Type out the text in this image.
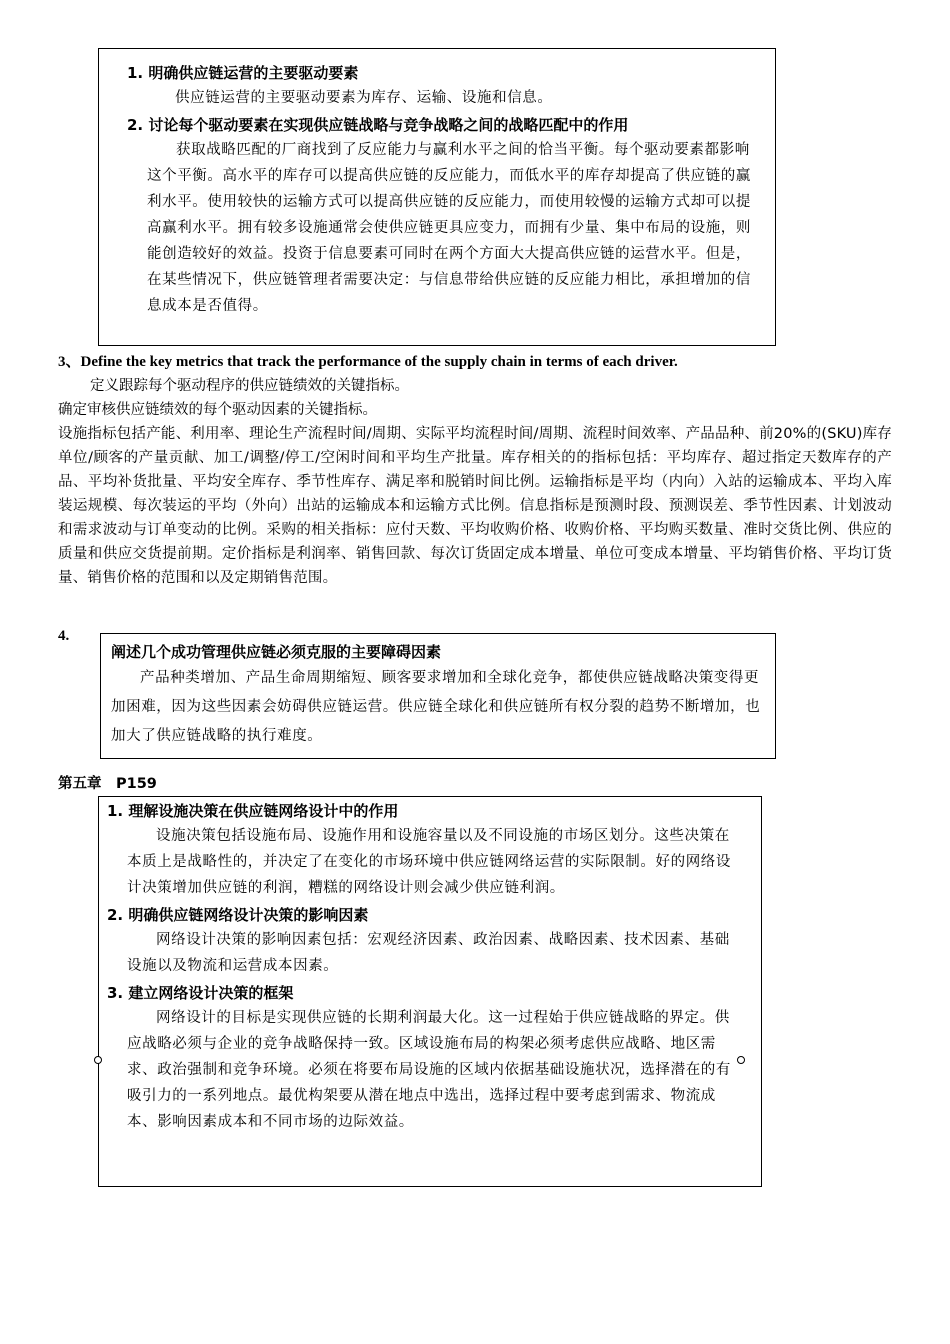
1. 明确供应链运营的主要驱动要素

供应链运营的主要驱动要素为库存、运输、设施和信息。

2. 讨论每个驱动要素在实现供应链战略与竞争战略之间的战略匹配中的作用

获取战略匹配的厂商找到了反应能力与赢利水平之间的恰当平衡。每个驱动要素都影响这个平衡。高水平的库存可以提高供应链的反应能力，而低水平的库存却提高了供应链的赢利水平。使用较快的运输方式可以提高供应链的反应能力，而使用较慢的运输方式却可以提高赢利水平。拥有较多设施通常会使供应链更具应变力，而拥有少量、集中布局的设施，则能创造较好的效益。投资于信息要素可同时在两个方面大大提高供应链的运营水平。但是，在某些情况下，供应链管理者需要决定：与信息带给供应链的反应能力相比，承担增加的信息成本是否值得。

3、Define the key metrics that track the performance of the supply chain in terms of each driver.

定义跟踪每个驱动程序的供应链绩效的关键指标。

确定审核供应链绩效的每个驱动因素的关键指标。

设施指标包括产能、利用率、理论生产流程时间/周期、实际平均流程时间/周期、流程时间效率、产品品种、前20%的(SKU)库存单位/顾客的产量贡献、加工/调整/停工/空闲时间和平均生产批量。库存相关的的指标包括：平均库存、超过指定天数库存的产品、平均补货批量、平均安全库存、季节性库存、满足率和脱销时间比例。运输指标是平均（内向）入站的运输成本、平均入库装运规模、每次装运的平均（外向）出站的运输成本和运输方式比例。信息指标是预测时段、预测误差、季节性因素、计划波动和需求波动与订单变动的比例。采购的相关指标：应付天数、平均收购价格、收购价格、平均购买数量、准时交货比例、供应的质量和供应交货提前期。定价指标是利润率、销售回款、每次订货固定成本增量、单位可变成本增量、平均销售价格、平均订货量、销售价格的范围和以及定期销售范围。

4.

阐述几个成功管理供应链必须克服的主要障碍因素

产品种类增加、产品生命周期缩短、顾客要求增加和全球化竞争，都使供应链战略决策变得更加困难，因为这些因素会妨碍供应链运营。供应链全球化和供应链所有权分裂的趋势不断增加，也加大了供应链战略的执行难度。

第五章　P159

1. 理解设施决策在供应链网络设计中的作用

设施决策包括设施布局、设施作用和设施容量以及不同设施的市场区划分。这些决策在本质上是战略性的，并决定了在变化的市场环境中供应链网络运营的实际限制。好的网络设计决策增加供应链的利润，糟糕的网络设计则会减少供应链利润。

2. 明确供应链网络设计决策的影响因素

网络设计决策的影响因素包括：宏观经济因素、政治因素、战略因素、技术因素、基础设施以及物流和运营成本因素。

3. 建立网络设计决策的框架

网络设计的目标是实现供应链的长期利润最大化。这一过程始于供应链战略的界定。供应战略必须与企业的竞争战略保持一致。区域设施布局的构架必须考虑供应战略、地区需求、政治强制和竞争环境。必须在将要布局设施的区域内依据基础设施状况，选择潜在的有吸引力的一系列地点。最优构架要从潜在地点中选出，选择过程中要考虑到需求、物流成本、影响因素成本和不同市场的边际效益。
